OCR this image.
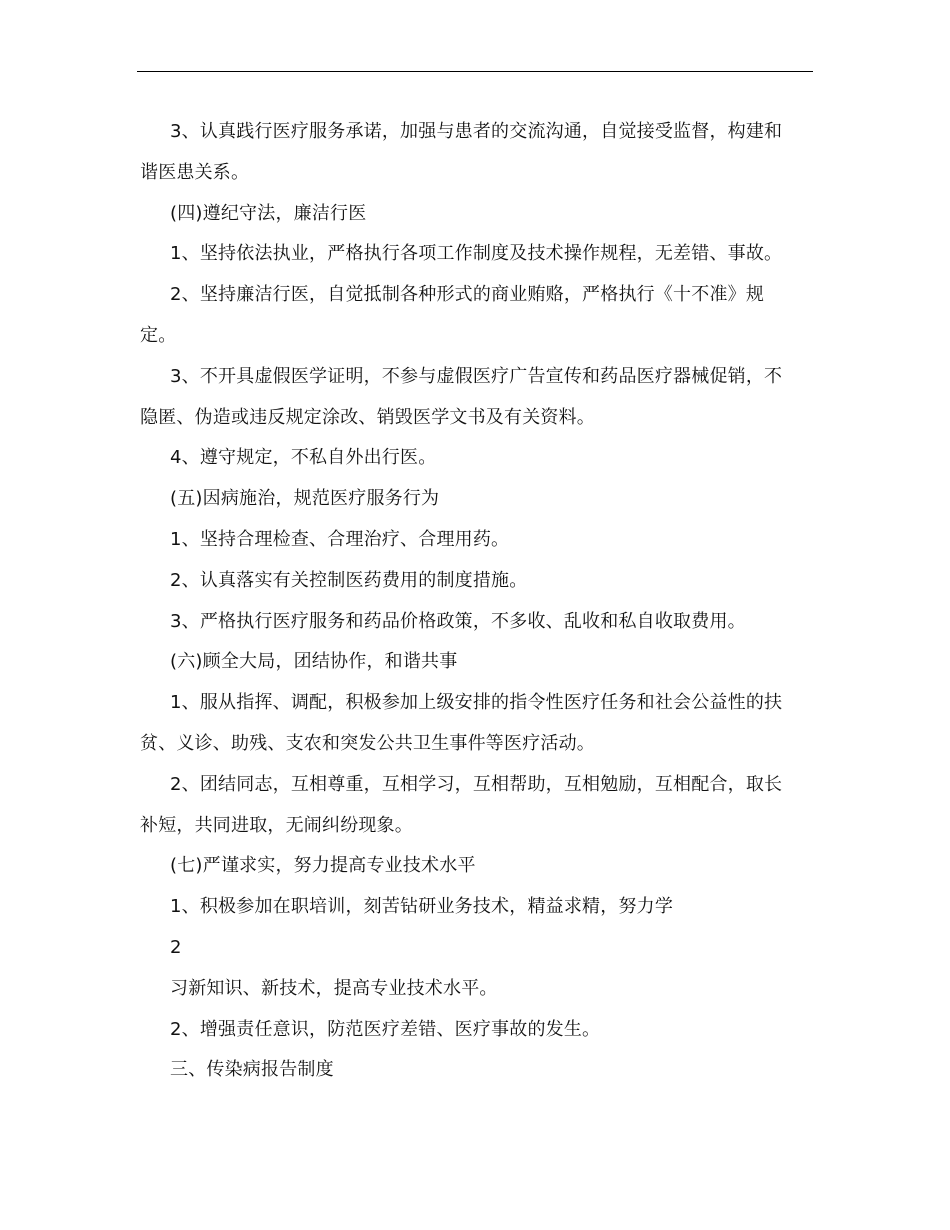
3、认真践行医疗服务承诺，加强与患者的交流沟通，自觉接受监督，构建和谐医患关系。

(四)遵纪守法，廉洁行医

1、坚持依法执业，严格执行各项工作制度及技术操作规程，无差错、事故。

2、坚持廉洁行医，自觉抵制各种形式的商业贿赂，严格执行《十不准》规定。

3、不开具虚假医学证明，不参与虚假医疗广告宣传和药品医疗器械促销，不隐匿、伪造或违反规定涂改、销毁医学文书及有关资料。

4、遵守规定，不私自外出行医。

(五)因病施治，规范医疗服务行为

1、坚持合理检查、合理治疗、合理用药。

2、认真落实有关控制医药费用的制度措施。

3、严格执行医疗服务和药品价格政策，不多收、乱收和私自收取费用。

(六)顾全大局，团结协作，和谐共事

1、服从指挥、调配，积极参加上级安排的指令性医疗任务和社会公益性的扶贫、义诊、助残、支农和突发公共卫生事件等医疗活动。

2、团结同志，互相尊重，互相学习，互相帮助，互相勉励，互相配合，取长补短，共同进取，无闹纠纷现象。

(七)严谨求实，努力提高专业技术水平

1、积极参加在职培训，刻苦钻研业务技术，精益求精，努力学

2

习新知识、新技术，提高专业技术水平。

2、增强责任意识，防范医疗差错、医疗事故的发生。

三、传染病报告制度
